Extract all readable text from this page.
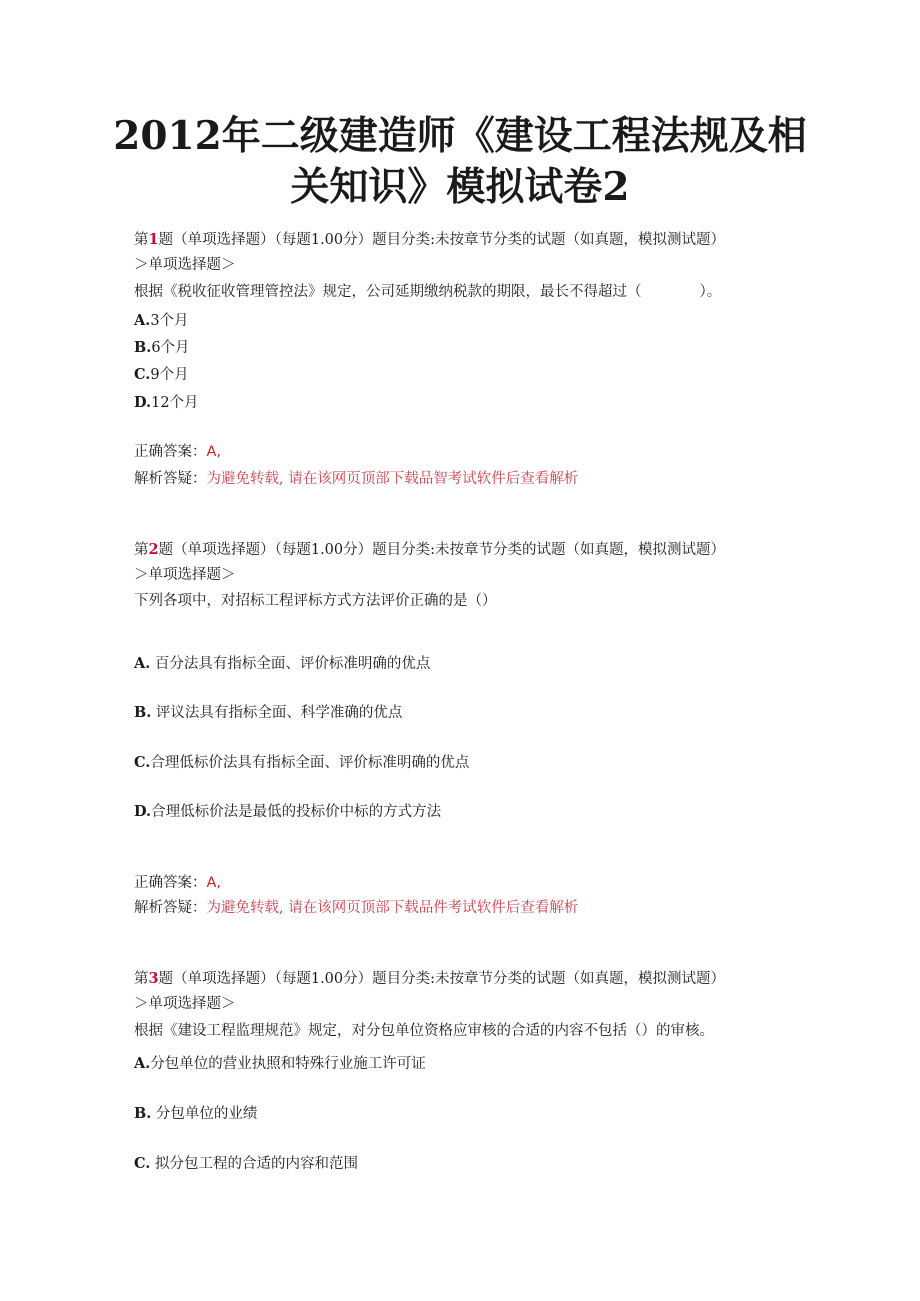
2012年二级建造师《建设工程法规及相
关知识》模拟试卷2
第1题（单项选择题）（每题1.00分）题目分类:未按章节分类的试题（如真题，模拟测试题）
＞单项选择题＞
根据《税收征收管理管控法》规定，公司延期缴纳税款的期限，最长不得超过（　　　　）。
A.3个月
B.6个月
C.9个月
D.12个月
正确答案：A,
解析答疑：为避免转载, 请在该网页顶部下载品智考试软件后查看解析
第2题（单项选择题）（每题1.00分）题目分类:未按章节分类的试题（如真题，模拟测试题）
＞单项选择题＞
下列各项中，对招标工程评标方式方法评价正确的是（）
A. 百分法具有指标全面、评价标准明确的优点
B. 评议法具有指标全面、科学准确的优点
C.合理低标价法具有指标全面、评价标准明确的优点
D.合理低标价法是最低的投标价中标的方式方法
正确答案：A,
解析答疑：为避免转载, 请在该网页顶部下载品件考试软件后查看解析
第3题（单项选择题）（每题1.00分）题目分类:未按章节分类的试题（如真题，模拟测试题）
＞单项选择题＞
根据《建设工程监理规范》规定，对分包单位资格应审核的合适的内容不包括（）的审核。
A.分包单位的营业执照和特殊行业施工许可证
B. 分包单位的业绩
C. 拟分包工程的合适的内容和范围
